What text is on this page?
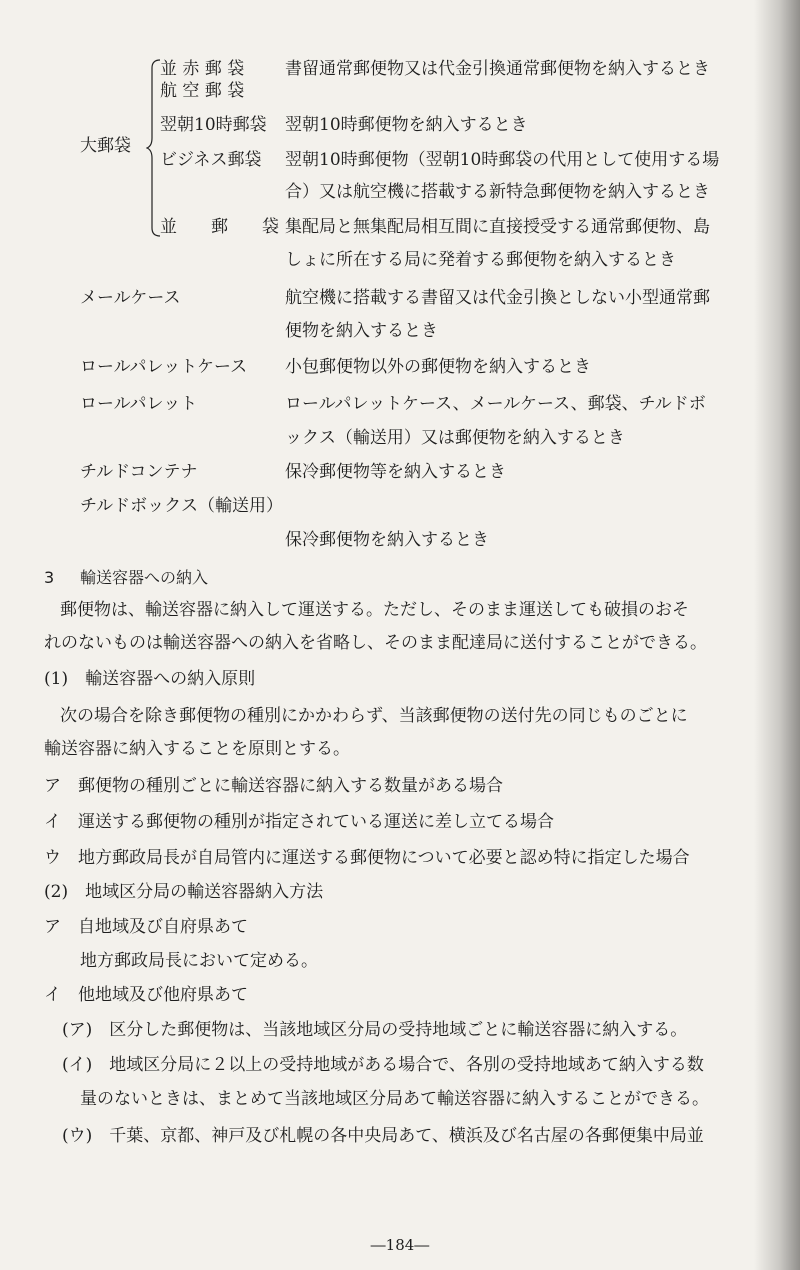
大郵袋
並 赤 郵 袋 書留通常郵便物又は代金引換通常郵便物を納入するとき
航 空 郵 袋
翌朝10時郵袋 翌朝10時郵便物を納入するとき
ビジネス郵袋 翌朝10時郵便物（翌朝10時郵袋の代用として使用する場
合）又は航空機に搭載する新特急郵便物を納入するとき
並　　郵　　袋 集配局と無集配局相互間に直接授受する通常郵便物、島
しょに所在する局に発着する郵便物を納入するとき
メールケース	航空機に搭載する書留又は代金引換としない小型通常郵
便物を納入するとき
ロールパレットケース 小包郵便物以外の郵便物を納入するとき
ロールパレット	ロールパレットケース、メールケース、郵袋、チルドボ
ックス（輸送用）又は郵便物を納入するとき
チルドコンテナ	保冷郵便物等を納入するとき
チルドボックス（輸送用）
保冷郵便物を納入するとき
3 輸送容器への納入
郵便物は、輸送容器に納入して運送する。ただし、そのまま運送しても破損のおそ
れのないものは輸送容器への納入を省略し、そのまま配達局に送付することができる。
(1)　輸送容器への納入原則
次の場合を除き郵便物の種別にかかわらず、当該郵便物の送付先の同じものごとに
輸送容器に納入することを原則とする。
ア　郵便物の種別ごとに輸送容器に納入する数量がある場合
イ　運送する郵便物の種別が指定されている運送に差し立てる場合
ウ　地方郵政局長が自局管内に運送する郵便物について必要と認め特に指定した場合
(2)　地域区分局の輸送容器納入方法
ア　自地域及び自府県あて
地方郵政局長において定める。
イ　他地域及び他府県あて
(ア)　区分した郵便物は、当該地域区分局の受持地域ごとに輸送容器に納入する。
(イ)　地域区分局に２以上の受持地域がある場合で、各別の受持地域あて納入する数
量のないときは、まとめて当該地域区分局あて輸送容器に納入することができる。
(ウ)　千葉、京都、神戸及び札幌の各中央局あて、横浜及び名古屋の各郵便集中局並
―184―
